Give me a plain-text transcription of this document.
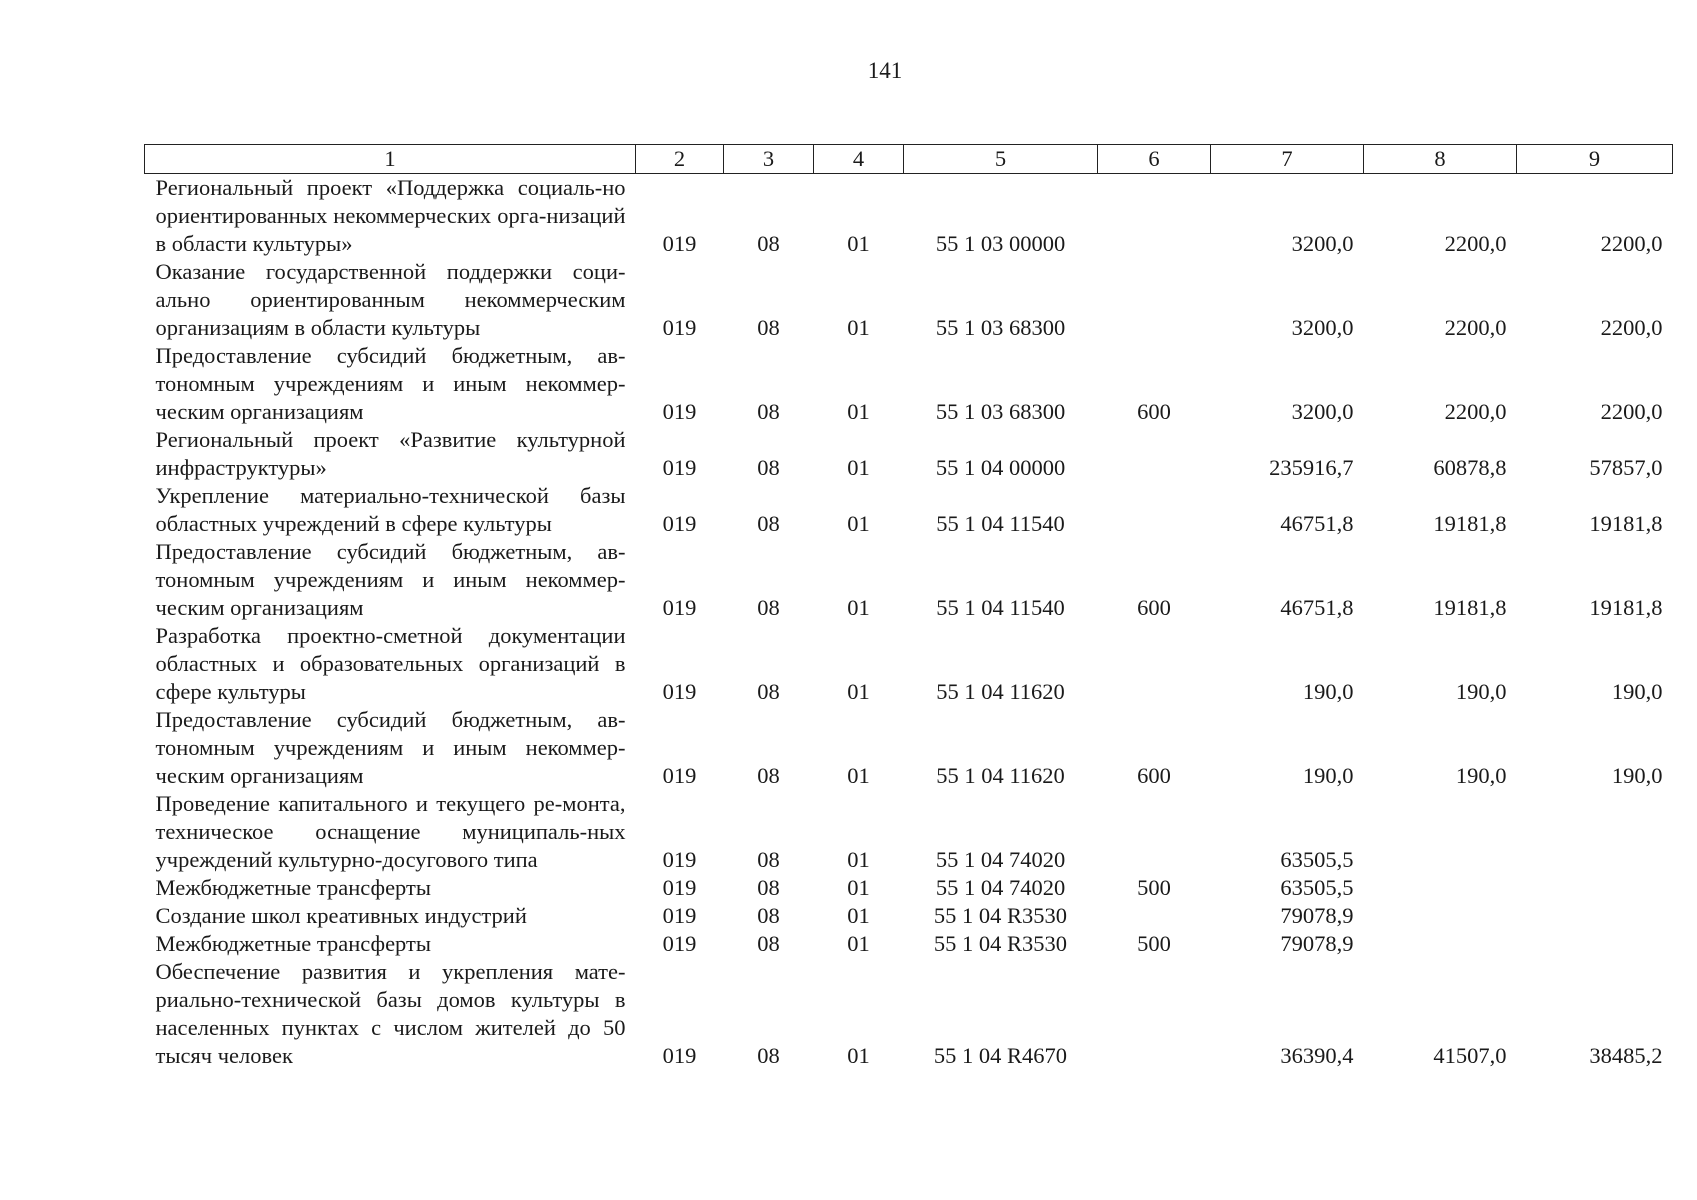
141
1	2	3	4	5	6	7	8	9
Региональный проект «Поддержка социаль-но ориентированных некоммерческих орга-низаций в области культуры»	019	08	01	55 1 03 00000		3200,0	2200,0	2200,0
Оказание государственной поддержки соци-ально ориентированным некоммерческим организациям в области культуры	019	08	01	55 1 03 68300		3200,0	2200,0	2200,0
Предоставление субсидий бюджетным, ав-тономным учреждениям и иным некоммер-ческим организациям	019	08	01	55 1 03 68300	600	3200,0	2200,0	2200,0
Региональный проект «Развитие культурной инфраструктуры»	019	08	01	55 1 04 00000		235916,7	60878,8	57857,0
Укрепление материально-технической базы областных учреждений в сфере культуры	019	08	01	55 1 04 11540		46751,8	19181,8	19181,8
Предоставление субсидий бюджетным, ав-тономным учреждениям и иным некоммер-ческим организациям	019	08	01	55 1 04 11540	600	46751,8	19181,8	19181,8
Разработка проектно-сметной документации областных и образовательных организаций в сфере культуры	019	08	01	55 1 04 11620		190,0	190,0	190,0
Предоставление субсидий бюджетным, ав-тономным учреждениям и иным некоммер-ческим организациям	019	08	01	55 1 04 11620	600	190,0	190,0	190,0
Проведение капитального и текущего ре-монта, техническое оснащение муниципаль-ных учреждений культурно-досугового типа	019	08	01	55 1 04 74020		63505,5		
Межбюджетные трансферты	019	08	01	55 1 04 74020	500	63505,5		
Создание школ креативных индустрий	019	08	01	55 1 04 R3530		79078,9		
Межбюджетные трансферты	019	08	01	55 1 04 R3530	500	79078,9		
Обеспечение развития и укрепления мате-риально-технической базы домов культуры в населенных пунктах с числом жителей до 50 тысяч человек	019	08	01	55 1 04 R4670		36390,4	41507,0	38485,2
